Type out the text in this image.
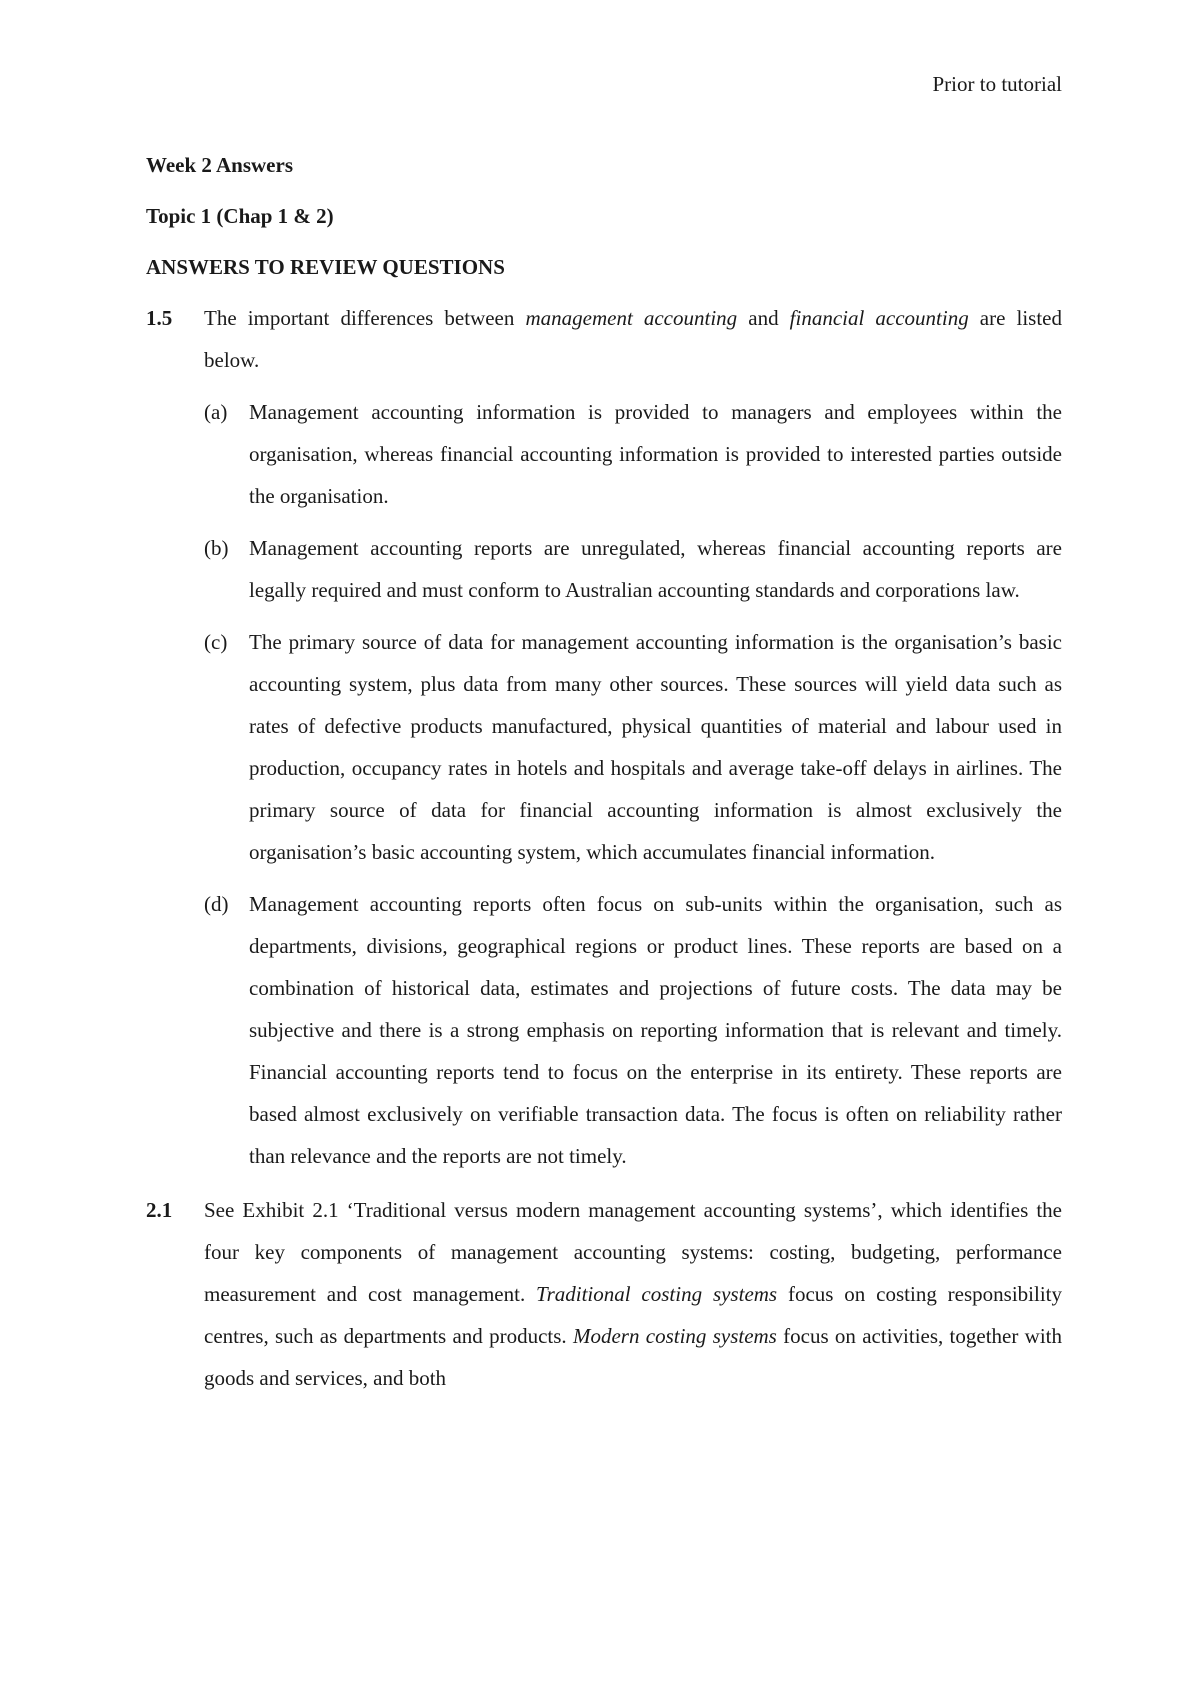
Prior to tutorial
Week 2 Answers
Topic 1 (Chap 1 & 2)
ANSWERS TO REVIEW QUESTIONS
1.5	The important differences between management accounting and financial accounting are listed below.
(a)	Management accounting information is provided to managers and employees within the organisation, whereas financial accounting information is provided to interested parties outside the organisation.
(b) Management accounting reports are unregulated, whereas financial accounting reports are legally required and must conform to Australian accounting standards and corporations law.
(c)	The primary source of data for management accounting information is the organisation’s basic accounting system, plus data from many other sources. These sources will yield data such as rates of defective products manufactured, physical quantities of material and labour used in production, occupancy rates in hotels and hospitals and average take-off delays in airlines. The primary source of data for financial accounting information is almost exclusively the organisation’s basic accounting system, which accumulates financial information.
(d) Management accounting reports often focus on sub-units within the organisation, such as departments, divisions, geographical regions or product lines. These reports are based on a combination of historical data, estimates and projections of future costs. The data may be subjective and there is a strong emphasis on reporting information that is relevant and timely. Financial accounting reports tend to focus on the enterprise in its entirety. These reports are based almost exclusively on verifiable transaction data. The focus is often on reliability rather than relevance and the reports are not timely.
2.1	See Exhibit 2.1 ‘Traditional versus modern management accounting systems’, which identifies the four key components of management accounting systems: costing, budgeting, performance measurement and cost management. Traditional costing systems focus on costing responsibility centres, such as departments and products. Modern costing systems focus on activities, together with goods and services, and both
